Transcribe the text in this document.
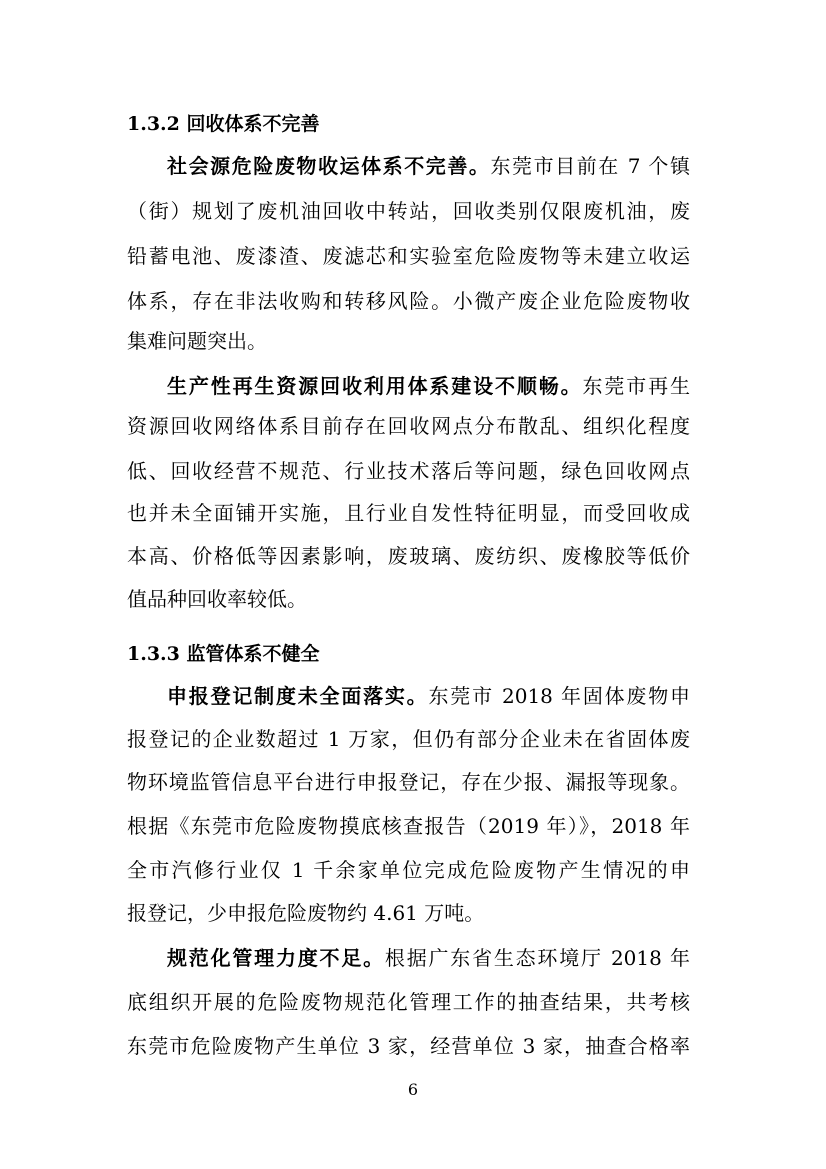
1.3.2 回收体系不完善
社会源危险废物收运体系不完善。东莞市目前在 7 个镇
（街）规划了废机油回收中转站，回收类别仅限废机油，废
铅蓄电池、废漆渣、废滤芯和实验室危险废物等未建立收运
体系，存在非法收购和转移风险。小微产废企业危险废物收
集难问题突出。
生产性再生资源回收利用体系建设不顺畅。东莞市再生
资源回收网络体系目前存在回收网点分布散乱、组织化程度
低、回收经营不规范、行业技术落后等问题，绿色回收网点
也并未全面铺开实施，且行业自发性特征明显，而受回收成
本高、价格低等因素影响，废玻璃、废纺织、废橡胶等低价
值品种回收率较低。
1.3.3 监管体系不健全
申报登记制度未全面落实。东莞市 2018 年固体废物申
报登记的企业数超过 1 万家，但仍有部分企业未在省固体废
物环境监管信息平台进行申报登记，存在少报、漏报等现象。
根据《东莞市危险废物摸底核查报告（2019 年）》，2018 年
全市汽修行业仅 1 千余家单位完成危险废物产生情况的申
报登记，少申报危险废物约 4.61 万吨。
规范化管理力度不足。根据广东省生态环境厅 2018 年
底组织开展的危险废物规范化管理工作的抽查结果，共考核
东莞市危险废物产生单位 3 家，经营单位 3 家，抽查合格率
6
